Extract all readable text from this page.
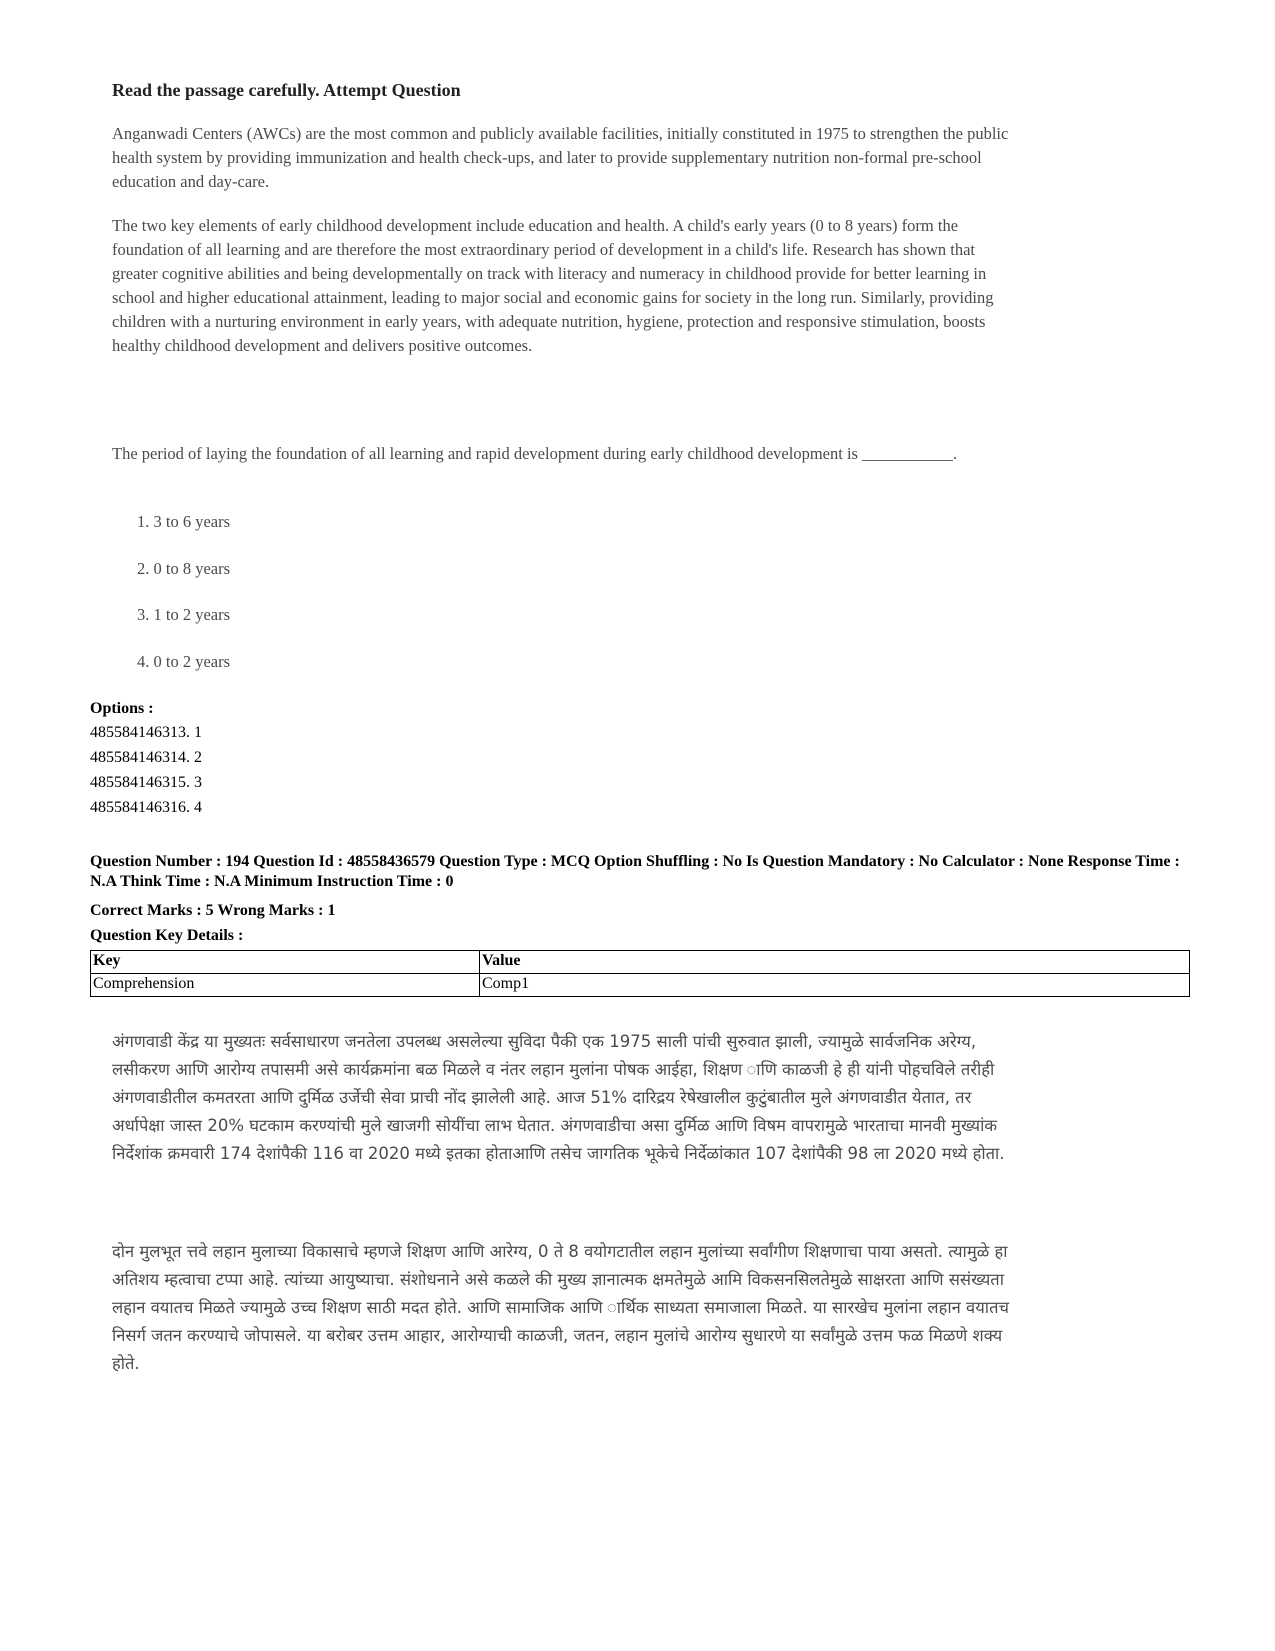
Read the passage carefully. Attempt Question
Anganwadi Centers (AWCs) are the most common and publicly available facilities, initially constituted in 1975 to strengthen the public health system by providing immunization and health check-ups, and later to provide supplementary nutrition non-formal pre-school education and day-care.
The two key elements of early childhood development include education and health. A child's early years (0 to 8 years) form the foundation of all learning and are therefore the most extraordinary period of development in a child's life. Research has shown that greater cognitive abilities and being developmentally on track with literacy and numeracy in childhood provide for better learning in school and higher educational attainment, leading to major social and economic gains for society in the long run. Similarly, providing children with a nurturing environment in early years, with adequate nutrition, hygiene, protection and responsive stimulation, boosts healthy childhood development and delivers positive outcomes.
The period of laying the foundation of all learning and rapid development during early childhood development is ___________.
1. 3 to 6 years
2. 0 to 8 years
3. 1 to 2 years
4. 0 to 2 years
Options :
485584146313. 1
485584146314. 2
485584146315. 3
485584146316. 4
Question Number : 194 Question Id : 48558436579 Question Type : MCQ Option Shuffling : No Is Question Mandatory : No Calculator : None Response Time : N.A Think Time : N.A Minimum Instruction Time : 0
Correct Marks : 5 Wrong Marks : 1
Question Key Details :
Key	Value
Comprehension	Comp1
अंगणवाडी केंद्र या मुख्यतः सर्वसाधारण जनतेला उपलब्ध असलेल्या सुविदा पैकी एक 1975 साली पांची सुरुवात झाली, ज्यामुळे सार्वजनिक अरेग्य, लसीकरण आणि आरोग्य तपासमी असे कार्यक्रमांना बळ मिळले व नंतर लहान मुलांना पोषक आईहा, शिक्षण ाणि काळजी हे ही यांनी पोहचविले तरीही अंगणवाडीतील कमतरता आणि दुर्मिळ उर्जेची सेवा प्राची नोंद झालेली आहे. आज 51% दारिद्रय रेषेखालील कुटुंबातील मुले अंगणवाडीत येतात, तर अर्धापेक्षा जास्त 20% घटकाम करण्यांची मुले खाजगी सोयींचा लाभ घेतात. अंगणवाडीचा असा दुर्मिळ आणि विषम वापरामुळे भारताचा मानवी मुख्यांक निर्देशांक क्रमवारी 174 देशांपैकी 116 वा 2020 मध्ये इतका होताआणि तसेच जागतिक भूकेचे निर्देळांकात 107 देशांपैकी 98 ला 2020 मध्ये होता.
दोन मुलभूत त्तवे लहान मुलाच्या विकासाचे म्हणजे शिक्षण आणि आरेग्य, 0 ते 8 वयोगटातील लहान मुलांच्या सर्वांगीण शिक्षणाचा पाया असतो. त्यामुळे हा अतिशय म्हत्वाचा टप्पा आहे. त्यांच्या आयुष्याचा. संशोधनाने असे कळले की मुख्य ज्ञानात्मक क्षमतेमुळे आमि विकसनसिलतेमुळे साक्षरता आणि ससंख्यता लहान वयातच मिळते ज्यामुळे उच्च शिक्षण साठी मदत होते. आणि सामाजिक आणि ार्थिक साध्यता समाजाला मिळते. या सारखेच मुलांना लहान वयातच निसर्ग जतन करण्याचे जोपासले. या बरोबर उत्तम आहार, आरोग्याची काळजी, जतन, लहान मुलांचे आरोग्य सुधारणे या सर्वांमुळे उत्तम फळ मिळणे शक्य होते.
